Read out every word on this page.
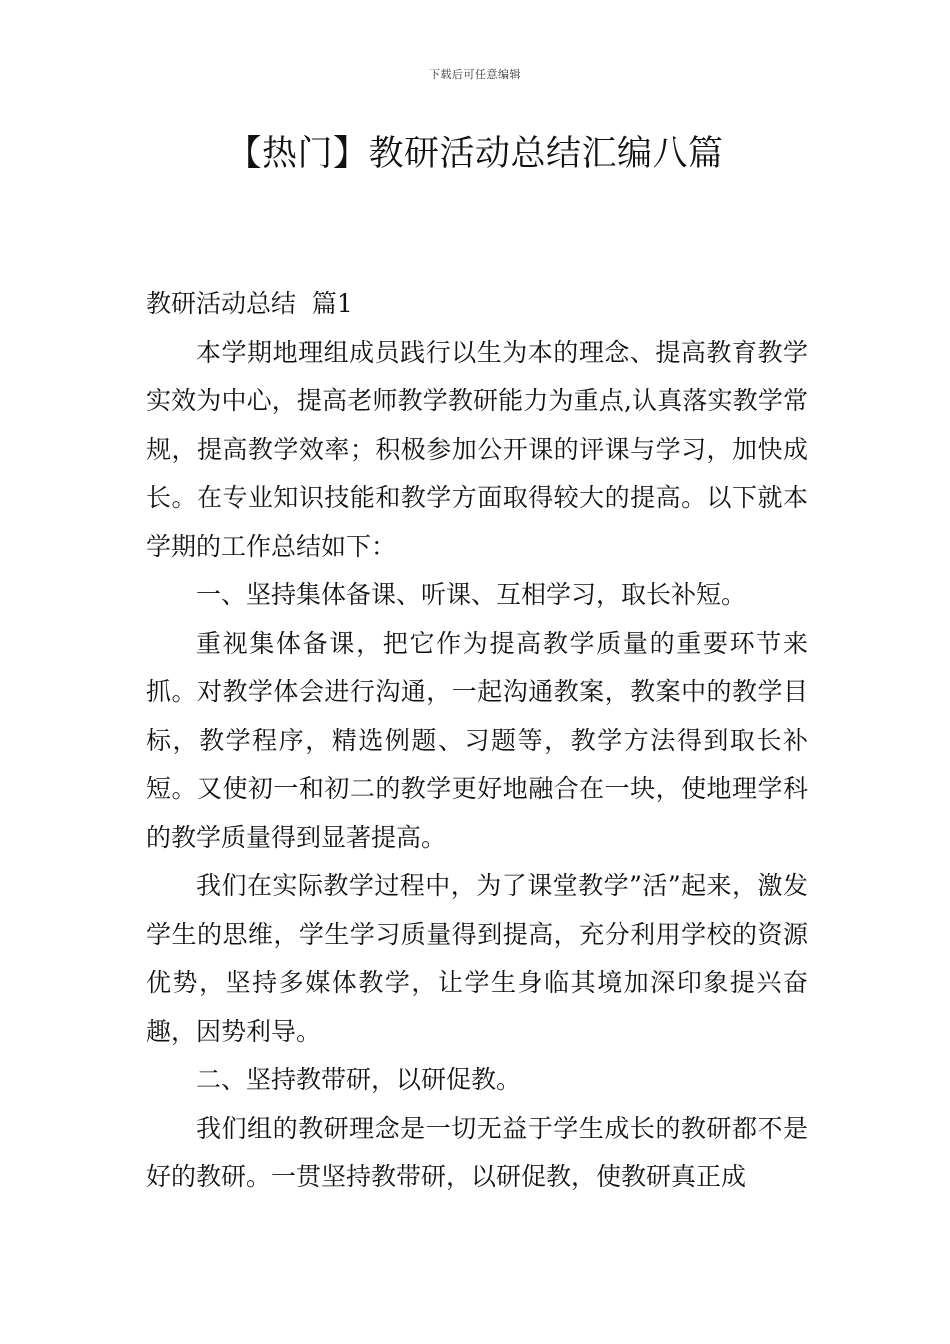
下载后可任意编辑
【热门】教研活动总结汇编八篇

教研活动总结  篇1

本学期地理组成员践行以生为本的理念、提高教育教学实效为中心，提高老师教学教研能力为重点,认真落实教学常规，提高教学效率；积极参加公开课的评课与学习，加快成长。在专业知识技能和教学方面取得较大的提高。以下就本学期的工作总结如下：

一、坚持集体备课、听课、互相学习，取长补短。

重视集体备课，把它作为提高教学质量的重要环节来抓。对教学体会进行沟通，一起沟通教案，教案中的教学目标，教学程序，精选例题、习题等，教学方法得到取长补短。又使初一和初二的教学更好地融合在一块，使地理学科的教学质量得到显著提高。

我们在实际教学过程中，为了课堂教学”活”起来，激发学生的思维，学生学习质量得到提高，充分利用学校的资源优势，坚持多媒体教学，让学生身临其境加深印象提兴奋趣，因势利导。

二、坚持教带研，以研促教。

我们组的教研理念是一切无益于学生成长的教研都不是好的教研。一贯坚持教带研，以研促教，使教研真正成
